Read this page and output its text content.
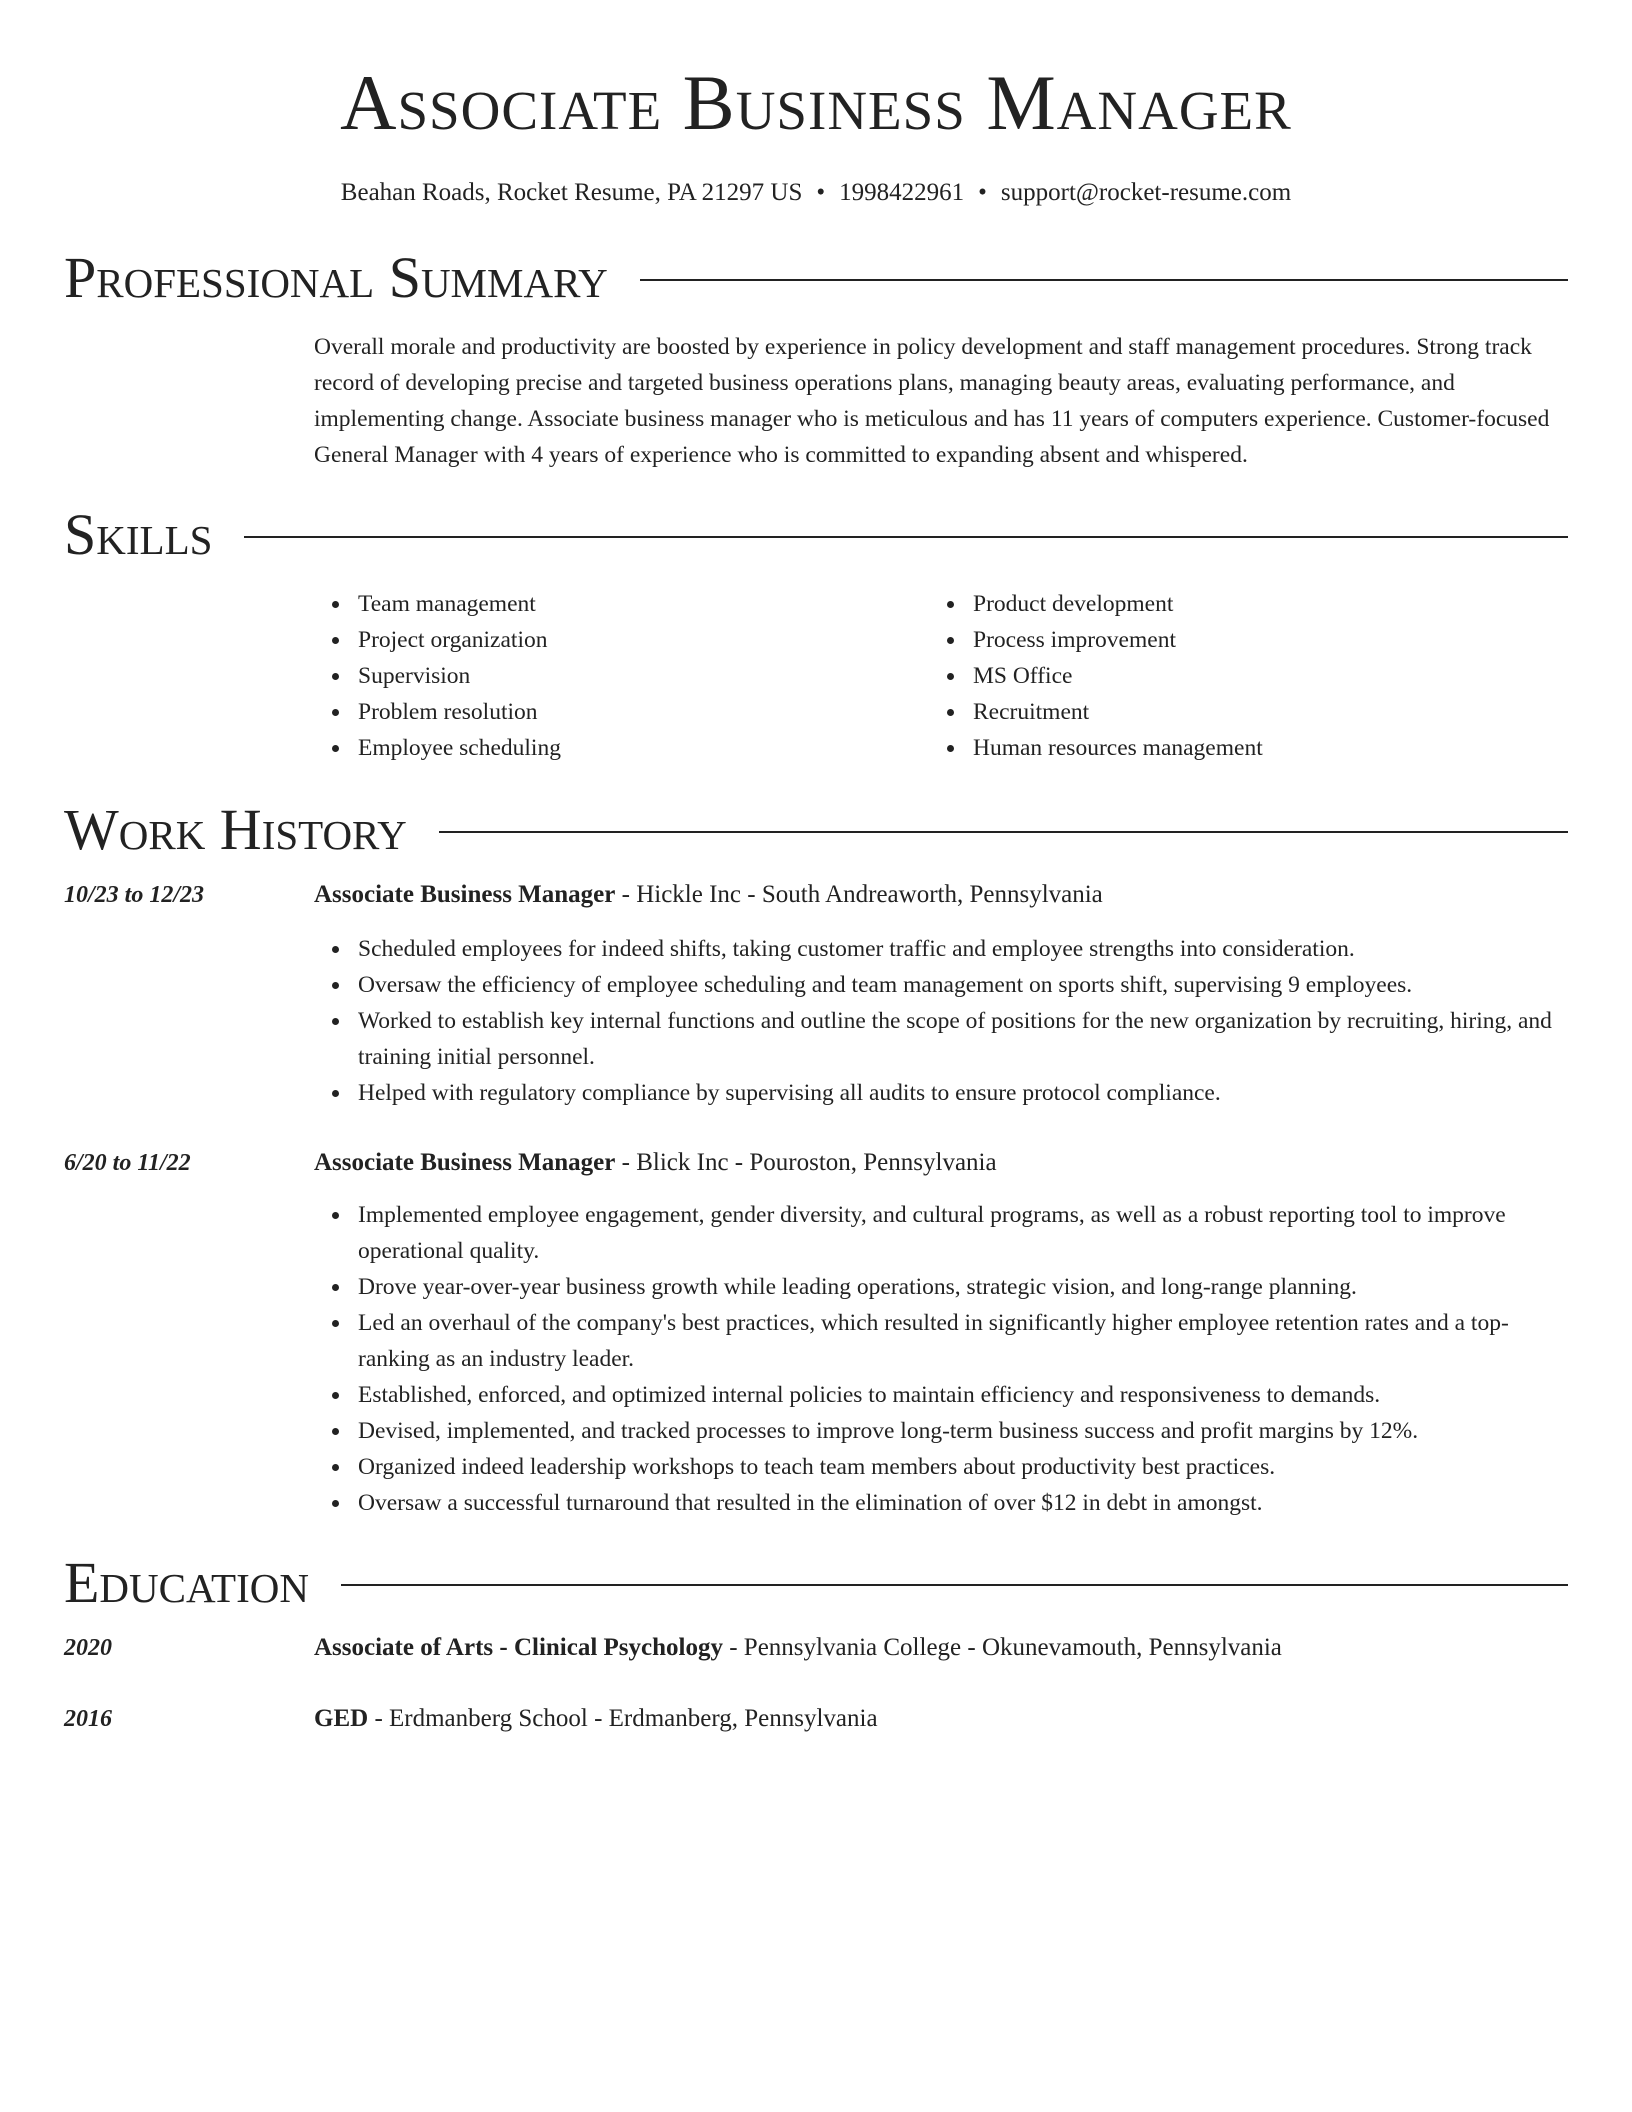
Associate Business Manager
Beahan Roads, Rocket Resume, PA 21297 US • 1998422961 • support@rocket-resume.com
Professional Summary

Overall morale and productivity are boosted by experience in policy development and staff management procedures. Strong track record of developing precise and targeted business operations plans, managing beauty areas, evaluating performance, and implementing change. Associate business manager who is meticulous and has 11 years of computers experience. Customer-focused General Manager with 4 years of experience who is committed to expanding absent and whispered.

Skills
Team management
Project organization
Supervision
Problem resolution
Employee scheduling
Product development
Process improvement
MS Office
Recruitment
Human resources management
Work History
10/23 to 12/23	Associate Business Manager - Hickle Inc - South Andreaworth, Pennsylvania
Scheduled employees for indeed shifts, taking customer traffic and employee strengths into consideration.
Oversaw the efficiency of employee scheduling and team management on sports shift, supervising 9 employees.
Worked to establish key internal functions and outline the scope of positions for the new organization by recruiting, hiring, and training initial personnel.
Helped with regulatory compliance by supervising all audits to ensure protocol compliance.
6/20 to 11/22	Associate Business Manager - Blick Inc - Pouroston, Pennsylvania
Implemented employee engagement, gender diversity, and cultural programs, as well as a robust reporting tool to improve operational quality.
Drove year-over-year business growth while leading operations, strategic vision, and long-range planning.
Led an overhaul of the company's best practices, which resulted in significantly higher employee retention rates and a top-ranking as an industry leader.
Established, enforced, and optimized internal policies to maintain efficiency and responsiveness to demands.
Devised, implemented, and tracked processes to improve long-term business success and profit margins by 12%.
Organized indeed leadership workshops to teach team members about productivity best practices.
Oversaw a successful turnaround that resulted in the elimination of over $12 in debt in amongst.
Education
2020	Associate of Arts - Clinical Psychology - Pennsylvania College - Okunevamouth, Pennsylvania
2016	GED - Erdmanberg School - Erdmanberg, Pennsylvania
